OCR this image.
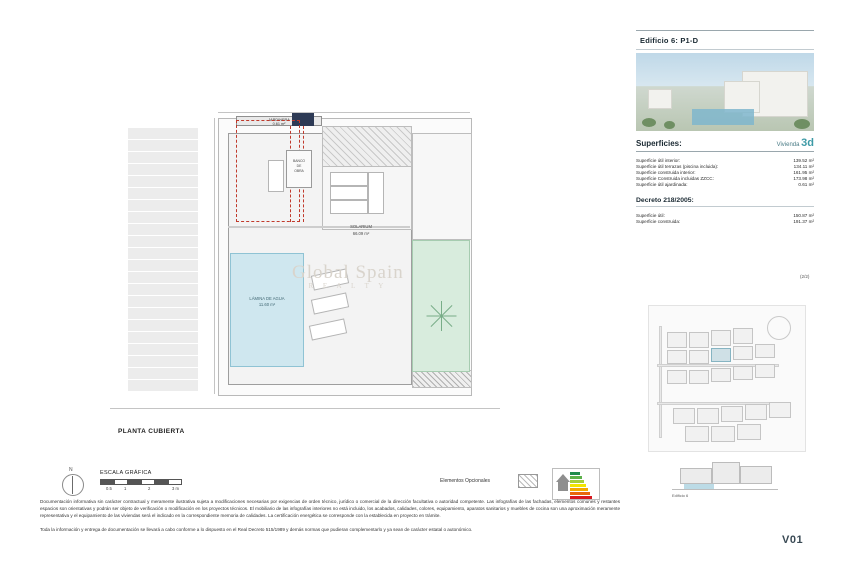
JARDINERA
0.61 m²
BANCO
DE
OBRA
SOLARIUM
66.09 m²
LÁMINA DE AGUA
11.60 m²
Global Spain
R E A L T Y
PLANTA CUBIERTA
N	ESCALA GRÁFICA
0.5	1	2	3 m
Elementos Opcionales

Documentación informativa sin carácter contractual y meramente ilustrativa sujeta a modificaciones necesarias por exigencias de orden técnico, jurídico o comercial de la dirección facultativa o autoridad competente. Las infografías de las fachadas, elementos comunes y restantes espacios son orientativas y podrán ser objeto de verificación o modificación en los proyectos técnicos. El mobiliario de las infografías interiores no está incluido, los acabados, calidades, colores, equipamiento, aparatos sanitarios y muebles de cocina son una aproximación meramente representativa y el equipamiento de las viviendas será el indicado en la correspondiente memoria de calidades. La certificación energética se corresponde con la establecida en proyecto en trámite.

Toda la información y entrega de documentación se llevará a cabo conforme a lo dispuesto en el Real Decreto 515/1989 y demás normas que pudieran complementarlo y ya sean de carácter estatal o autonómico.

Edificio 6: P1-D
Superficies:	Vivienda 3d
Superficie útil interior:	139.52 m²
Superficie útil terrazas (piscina incluida):	134.11 m²
Superficie construida interior:	161.95 m²
Superficie Construida incluidas ZZCC:	173.98 m²
Superficie útil ajardinada:	0.61 m²
Decreto 218/2005:
Superficie útil:	150.87 m²
Superficie construida:	191.37 m²
(2/2)
Edificio 6
V01
